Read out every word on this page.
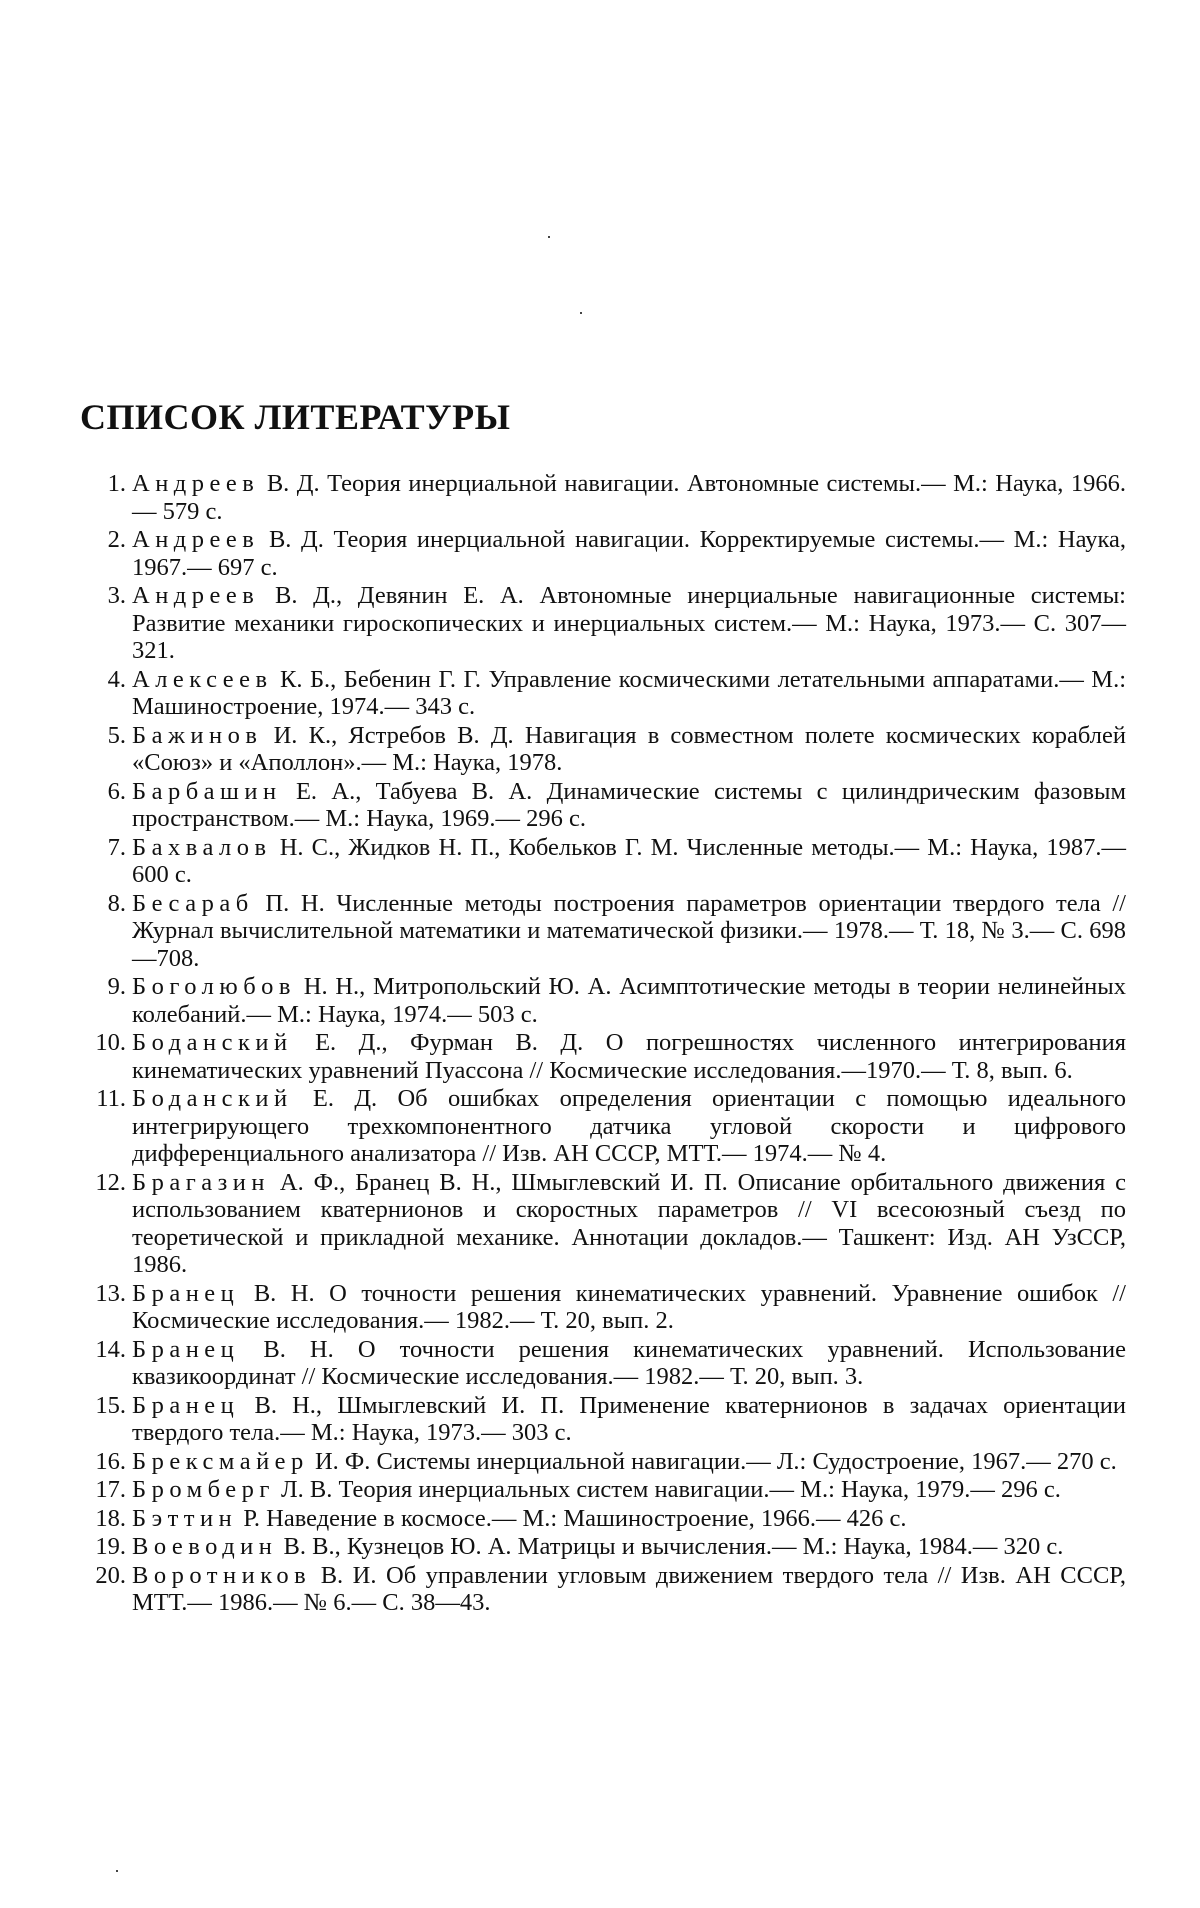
СПИСОК ЛИТЕРАТУРЫ
1. Андреев В. Д. Теория инерциальной навигации. Автономные системы.— М.: Наука, 1966.— 579 с.
2. Андреев В. Д. Теория инерциальной навигации. Корректируемые системы.— М.: Наука, 1967.— 697 с.
3. Андреев В. Д., Девянин Е. А. Автономные инерциальные навигационные системы: Развитие механики гироскопических и инерциальных систем.— М.: Наука, 1973.— С. 307—321.
4. Алексеев К. Б., Бебенин Г. Г. Управление космическими летательными аппаратами.— М.: Машиностроение, 1974.— 343 с.
5. Бажинов И. К., Ястребов В. Д. Навигация в совместном полете космических кораблей «Союз» и «Аполлон».— М.: Наука, 1978.
6. Барбашин Е. А., Табуева В. А. Динамические системы с цилиндрическим фазовым пространством.— М.: Наука, 1969.— 296 с.
7. Бахвалов Н. С., Жидков Н. П., Кобельков Г. М. Численные методы.— М.: Наука, 1987.— 600 с.
8. Бесараб П. Н. Численные методы построения параметров ориентации твердого тела // Журнал вычислительной математики и математической физики.— 1978.— Т. 18, № 3.— С. 698—708.
9. Боголюбов Н. Н., Митропольский Ю. А. Асимптотические методы в теории нелинейных колебаний.— М.: Наука, 1974.— 503 с.
10. Боданский Е. Д., Фурман В. Д. О погрешностях численного интегрирования кинематических уравнений Пуассона // Космические исследования.—1970.— Т. 8, вып. 6.
11. Боданский Е. Д. Об ошибках определения ориентации с помощью идеального интегрирующего трехкомпонентного датчика угловой скорости и цифрового дифференциального анализатора // Изв. АН СССР, МТТ.— 1974.— № 4.
12. Брагазин А. Ф., Бранец В. Н., Шмыглевский И. П. Описание орбитального движения с использованием кватернионов и скоростных параметров // VI всесоюзный съезд по теоретической и прикладной механике. Аннотации докладов.— Ташкент: Изд. АН УзССР, 1986.
13. Бранец В. Н. О точности решения кинематических уравнений. Уравнение ошибок // Космические исследования.— 1982.— Т. 20, вып. 2.
14. Бранец В. Н. О точности решения кинематических уравнений. Использование квазикоординат // Космические исследования.— 1982.— Т. 20, вып. 3.
15. Бранец В. Н., Шмыглевский И. П. Применение кватернионов в задачах ориентации твердого тела.— М.: Наука, 1973.— 303 с.
16. Брексмайер И. Ф. Системы инерциальной навигации.— Л.: Судостроение, 1967.— 270 с.
17. Бромберг Л. В. Теория инерциальных систем навигации.— М.: Наука, 1979.— 296 с.
18. Бэттин Р. Наведение в космосе.— М.: Машиностроение, 1966.— 426 с.
19. Воеводин В. В., Кузнецов Ю. А. Матрицы и вычисления.— М.: Наука, 1984.— 320 с.
20. Воротников В. И. Об управлении угловым движением твердого тела // Изв. АН СССР, МТТ.— 1986.— № 6.— С. 38—43.
